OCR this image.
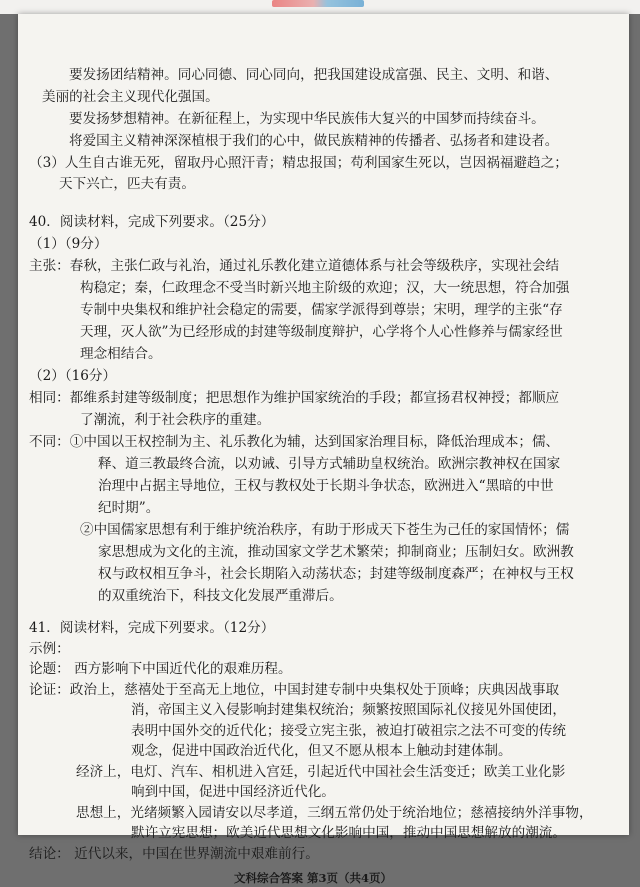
要发扬团结精神。同心同德、同心同向，把我国建设成富强、民主、文明、和谐、
美丽的社会主义现代化强国。
要发扬梦想精神。在新征程上，为实现中华民族伟大复兴的中国梦而持续奋斗。
将爱国主义精神深深植根于我们的心中，做民族精神的传播者、弘扬者和建设者。
（3）人生自古谁无死，留取丹心照汗青；精忠报国；苟利国家生死以，岂因祸福避趋之；
天下兴亡，匹夫有责。
40．阅读材料，完成下列要求。（25分）
（1）（9分）
主张：春秋，主张仁政与礼治，通过礼乐教化建立道德体系与社会等级秩序，实现社会结
构稳定；秦，仁政理念不受当时新兴地主阶级的欢迎；汉，大一统思想，符合加强
专制中央集权和维护社会稳定的需要，儒家学派得到尊崇；宋明，理学的主张“存
天理，灭人欲”为已经形成的封建等级制度辩护，心学将个人心性修养与儒家经世
理念相结合。
（2）（16分）
相同：都维系封建等级制度；把思想作为维护国家统治的手段；都宣扬君权神授；都顺应
了潮流，利于社会秩序的重建。
不同：①中国以王权控制为主、礼乐教化为辅，达到国家治理目标，降低治理成本；儒、
释、道三教最终合流，以劝诫、引导方式辅助皇权统治。欧洲宗教神权在国家
治理中占据主导地位，王权与教权处于长期斗争状态，欧洲进入“黑暗的中世
纪时期”。
②中国儒家思想有利于维护统治秩序，有助于形成天下苍生为己任的家国情怀；儒
家思想成为文化的主流，推动国家文学艺术繁荣；抑制商业；压制妇女。欧洲教
权与政权相互争斗，社会长期陷入动荡状态；封建等级制度森严；在神权与王权
的双重统治下，科技文化发展严重滞后。
41．阅读材料，完成下列要求。（12分）
示例：
论题： 西方影响下中国近代化的艰难历程。
论证：政治上，慈禧处于至高无上地位，中国封建专制中央集权处于顶峰；庆典因战事取
消，帝国主义入侵影响封建集权统治；频繁按照国际礼仪接见外国使团，
表明中国外交的近代化；接受立宪主张，被迫打破祖宗之法不可变的传统
观念，促进中国政治近代化，但又不愿从根本上触动封建体制。
经济上，电灯、汽车、相机进入宫廷，引起近代中国社会生活变迁；欧美工业化影
响到中国，促进中国经济近代化。
思想上，光绪频繁入园请安以尽孝道，三纲五常仍处于统治地位；慈禧接纳外洋事物，
默许立宪思想；欧美近代思想文化影响中国，推动中国思想解放的潮流。
结论： 近代以来，中国在世界潮流中艰难前行。
文科综合答案 第3页（共4页）
